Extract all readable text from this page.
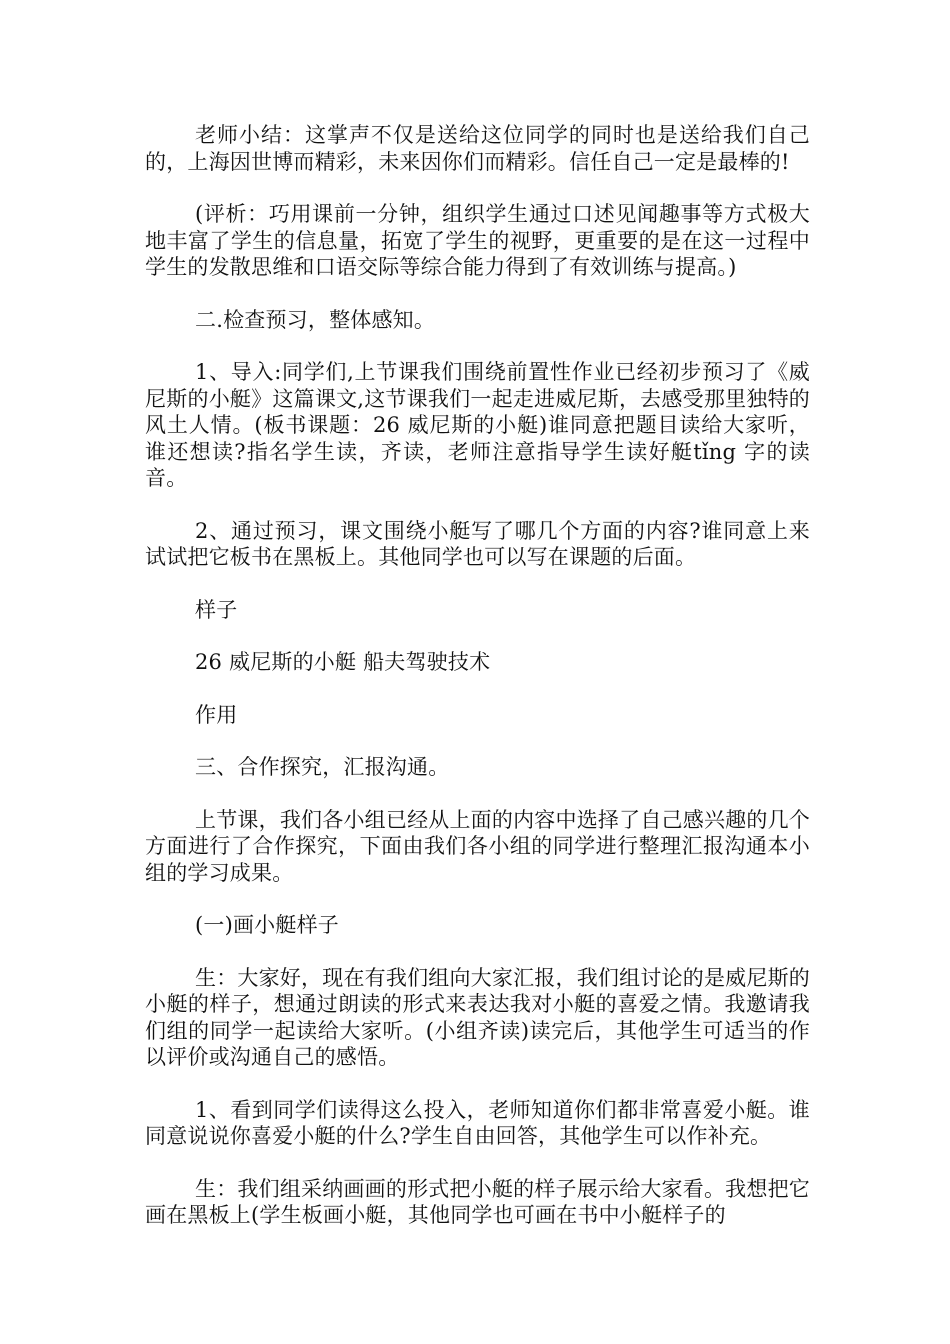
老师小结：这掌声不仅是送给这位同学的同时也是送给我们自己的，上海因世博而精彩，未来因你们而精彩。信任自己一定是最棒的!

(评析：巧用课前一分钟，组织学生通过口述见闻趣事等方式极大地丰富了学生的信息量，拓宽了学生的视野，更重要的是在这一过程中学生的发散思维和口语交际等综合能力得到了有效训练与提高。)

二.检查预习，整体感知。

1、导入:同学们,上节课我们围绕前置性作业已经初步预习了《威尼斯的小艇》这篇课文,这节课我们一起走进威尼斯，去感受那里独特的风土人情。(板书课题：26 威尼斯的小艇)谁同意把题目读给大家听，谁还想读?指名学生读，齐读，老师注意指导学生读好艇tǐng 字的读音。

2、通过预习，课文围绕小艇写了哪几个方面的内容?谁同意上来试试把它板书在黑板上。其他同学也可以写在课题的后面。

样子

26 威尼斯的小艇 船夫驾驶技术

作用

三、合作探究，汇报沟通。

上节课，我们各小组已经从上面的内容中选择了自己感兴趣的几个方面进行了合作探究，下面由我们各小组的同学进行整理汇报沟通本小组的学习成果。

(一)画小艇样子

生：大家好，现在有我们组向大家汇报，我们组讨论的是威尼斯的小艇的样子，想通过朗读的形式来表达我对小艇的喜爱之情。我邀请我们组的同学一起读给大家听。(小组齐读)读完后，其他学生可适当的作以评价或沟通自己的感悟。

1、看到同学们读得这么投入，老师知道你们都非常喜爱小艇。谁同意说说你喜爱小艇的什么?学生自由回答，其他学生可以作补充。

生：我们组采纳画画的形式把小艇的样子展示给大家看。我想把它画在黑板上(学生板画小艇，其他同学也可画在书中小艇样子的
